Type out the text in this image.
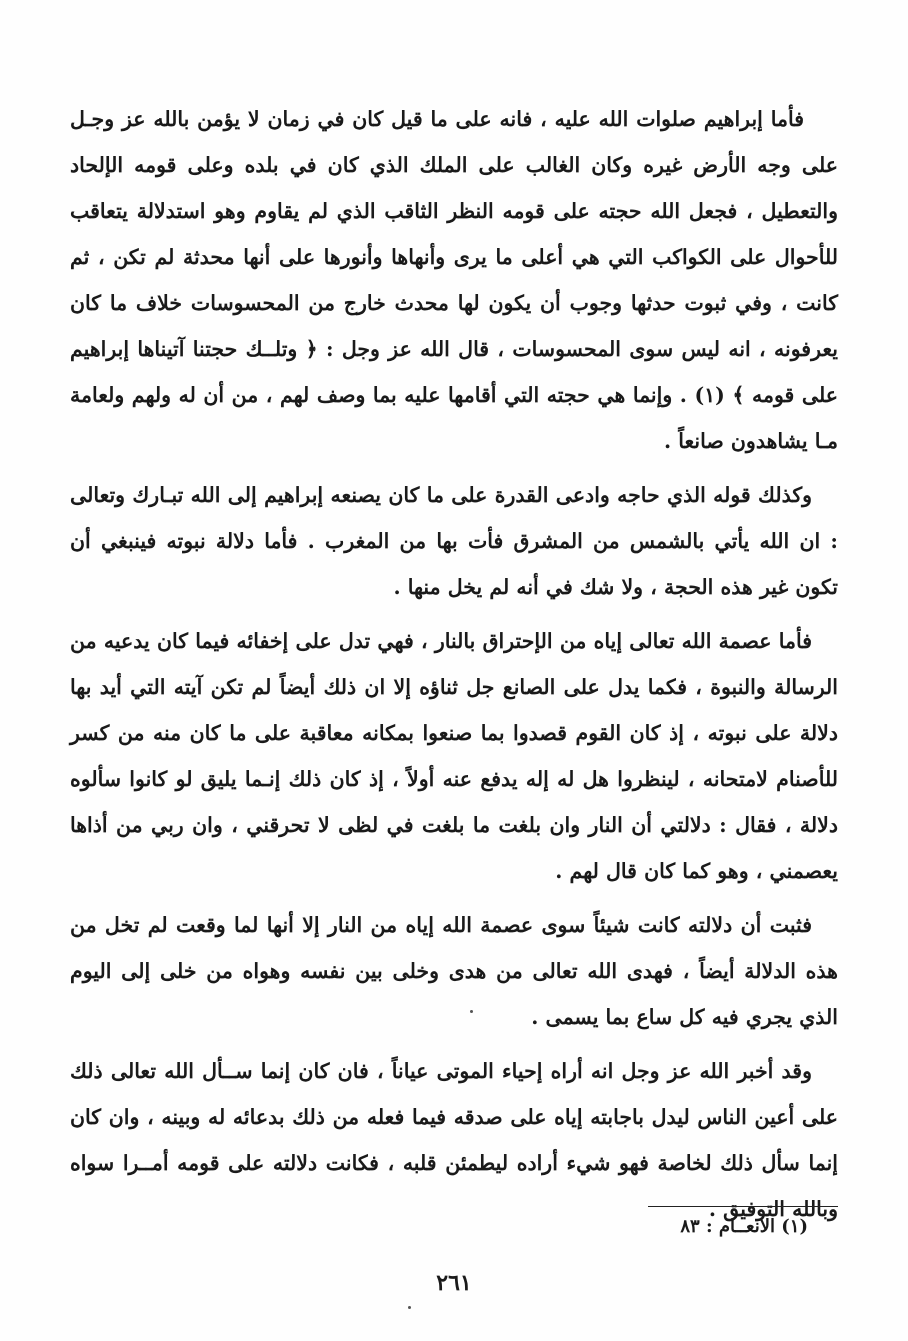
فأما إبراهيم صلوات الله عليه ، فانه على ما قيل كان في زمان لا يؤمن بالله عز وجـل على وجه الأرض غيره وكان الغالب على الملك الذي كان في بلده وعلى قومه الإلحاد والتعطيل ، فجعل الله حجته على قومه النظر الثاقب الذي لم يقاوم وهو استدلالة يتعاقب للأحوال على الكواكب التي هي أعلى ما يرى وأنهاها وأنورها على أنها محدثة لم تكن ، ثم كانت ، وفي ثبوت حدثها وجوب أن يكون لها محدث خارج من المحسوسات خلاف ما كان يعرفونه ، انه ليس سوى المحسوسات ، قال الله عز وجل : ﴿ وتلــك حجتنا آتيناها إبراهيم على قومه ﴾ (١) . وإنما هي حجته التي أقامها عليه بما وصف لهم ، من أن له ولهم ولعامة مـا يشاهدون صانعاً .

وكذلك قوله الذي حاجه وادعى القدرة على ما كان يصنعه إبراهيم إلى الله تبـارك وتعالى : ان الله يأتي بالشمس من المشرق فأت بها من المغرب . فأما دلالة نبوته فينبغي أن تكون غير هذه الحجة ، ولا شك في أنه لم يخل منها .

فأما عصمة الله تعالى إياه من الإحتراق بالنار ، فهي تدل على إخفائه فيما كان يدعيه من الرسالة والنبوة ، فكما يدل على الصانع جل ثناؤه إلا ان ذلك أيضاً لم تكن آيته التي أيد بها دلالة على نبوته ، إذ كان القوم قصدوا بما صنعوا بمكانه معاقبة على ما كان منه من كسر للأصنام لامتحانه ، لينظروا هل له إله يدفع عنه أولاً ، إذ كان ذلك إنـما يليق لو كانوا سألوه دلالة ، فقال : دلالتي أن النار وان بلغت ما بلغت في لظى لا تحرقني ، وان ربي من أذاها يعصمني ، وهو كما كان قال لهم .

فثبت أن دلالته كانت شيئاً سوى عصمة الله إياه من النار إلا أنها لما وقعت لم تخل من هذه الدلالة أيضاً ، فهدى الله تعالى من هدى وخلى بين نفسه وهواه من خلى إلى اليوم الذي يجري فيه كل ساع بما يسمى .

وقد أخبر الله عز وجل انه أراه إحياء الموتى عياناً ، فان كان إنما ســأل الله تعالى ذلك على أعين الناس ليدل باجابته إياه على صدقه فيما فعله من ذلك بدعائه له وبينه ، وان كان إنما سأل ذلك لخاصة فهو شيء أراده ليطمئن قلبه ، فكانت دلالته على قومه أمــرا سواه وبالله التوفيق .

(١) الانعــام : ٨٣
٢٦١
